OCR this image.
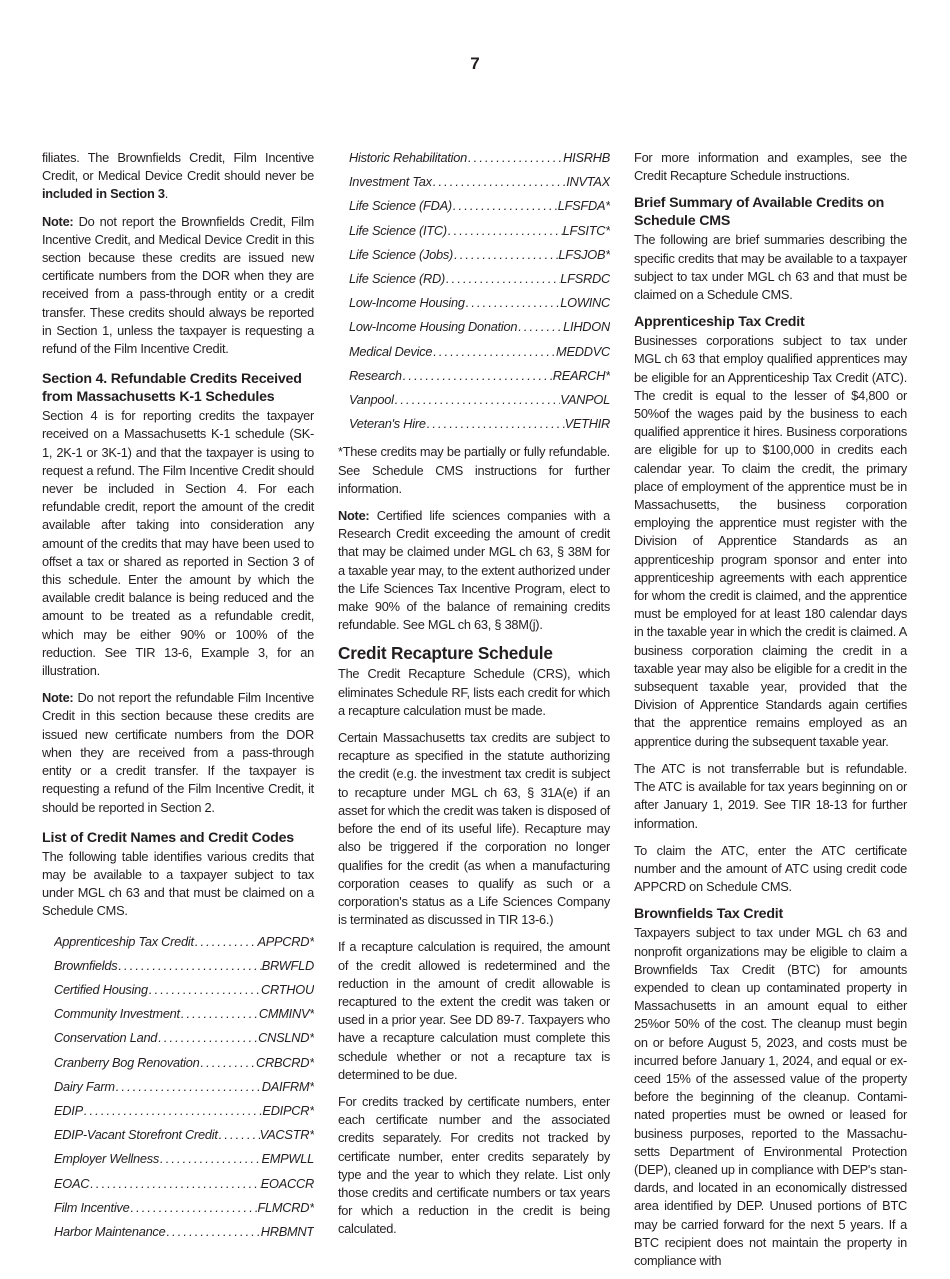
7

filiates. The Brownfields Credit, Film Incentive Credit, or Medical Device Credit should never be included in Section 3.

Note: Do not report the Brownfields Credit, Film Incentive Credit, and Medical Device Credit in this section because these credits are issued new certificate numbers from the DOR when they are received from a pass-through entity or a credit transfer. These credits should always be reported in Section 1, unless the taxpayer is requesting a refund of the Film Incentive Credit.

Section 4. Refundable Credits Received from Massachusetts K-1 Schedules

Section 4 is for reporting credits the taxpayer received on a Massachusetts K-1 schedule (SK-1, 2K-1 or 3K-1) and that the taxpayer is using to request a refund. The Film Incentive Credit should never be included in Section 4. For each refundable credit, report the amount of the credit available after taking into consideration any amount of the credits that may have been used to offset a tax or shared as reported in Section 3 of this schedule. Enter the amount by which the available credit balance is being reduced and the amount to be treated as a refundable credit, which may be either 90% or 100% of the reduction. See TIR 13-6, Example 3, for an illustration.

Note: Do not report the refundable Film Incentive Credit in this section because these credits are issued new certificate numbers from the DOR when they are received from a pass-through entity or a credit transfer. If the taxpayer is requesting a refund of the Film Incentive Credit, it should be reported in Section 2.

List of Credit Names and Credit Codes

The following table identifies various credits that may be available to a taxpayer subject to tax under MGL ch 63 and that must be claimed on a Schedule CMS.

Apprenticeship Tax Credit .....	APPCRD*
Brownfields .....	BRWFLD
Certified Housing .....	CRTHOU
Community Investment .....	CMMINV*
Conservation Land .....	CNSLND*
Cranberry Bog Renovation .....	CRBCRD*
Dairy Farm .....	DAIFRM*
EDIP .....	EDIPCR*
EDIP-Vacant Storefront Credit .....	VACSTR*
Employer Wellness .....	EMPWLL
EOAC .....	EOACCR
Film Incentive .....	FLMCRD*
Harbor Maintenance .....	HRBMNT
Historic Rehabilitation .....	HISRHB
Investment Tax .....	INVTAX
Life Science (FDA) .....	LFSFDA*
Life Science (ITC) .....	LFSITC*
Life Science (Jobs) .....	LFSJOB*
Life Science (RD) .....	LFSRDC
Low-Income Housing .....	LOWINC
Low-Income Housing Donation .....	LIHDON
Medical Device .....	MEDDVC
Research .....	REARCH*
Vanpool .....	VANPOL
Veteran's Hire .....	VETHIR

*These credits may be partially or fully refundable. See Schedule CMS instructions for further information.

Note: Certified life sciences companies with a Research Credit exceeding the amount of credit that may be claimed under MGL ch 63, § 38M for a taxable year may, to the extent authorized under the Life Sciences Tax Incentive Program, elect to make 90% of the balance of remaining credits refundable. See MGL ch 63, § 38M(j).

Credit Recapture Schedule

The Credit Recapture Schedule (CRS), which eliminates Schedule RF, lists each credit for which a recapture calculation must be made.

Certain Massachusetts tax credits are subject to recapture as specified in the statute authorizing the credit (e.g. the investment tax credit is subject to recapture under MGL ch 63, § 31A(e) if an asset for which the credit was taken is disposed of before the end of its useful life). Recapture may also be triggered if the corporation no longer qualifies for the credit (as when a manufacturing corporation ceases to qualify as such or a corporation's status as a Life Sciences Company is terminated as discussed in TIR 13-6.)

If a recapture calculation is required, the amount of the credit allowed is redetermined and the reduction in the amount of credit allowable is recaptured to the extent the credit was taken or used in a prior year. See DD 89-7. Taxpayers who have a recapture calculation must complete this schedule whether or not a recapture tax is determined to be due.

For credits tracked by certificate numbers, enter each certificate number and the associated credits separately. For credits not tracked by certificate number, enter credits separately by type and the year to which they relate. List only those credits and certificate numbers or tax years for which a reduction in the credit is being calculated.

For more information and examples, see the Credit Recapture Schedule instructions.

Brief Summary of Available Credits on Schedule CMS

The following are brief summaries describing the specific credits that may be available to a taxpayer subject to tax under MGL ch 63 and that must be claimed on a Schedule CMS.

Apprenticeship Tax Credit

Businesses corporations subject to tax under MGL ch 63 that employ qualified apprentices may be eligible for an Apprenticeship Tax Credit (ATC). The credit is equal to the lesser of $4,800 or 50%of the wages paid by the business to each qualified apprentice it hires. Business corporations are eligible for up to $100,000 in credits each calendar year. To claim the credit, the primary place of employment of the apprentice must be in Massachusetts, the business corporation employing the apprentice must register with the Division of Apprentice Standards as an apprenticeship program sponsor and enter into apprenticeship agreements with each apprentice for whom the credit is claimed, and the apprentice must be employed for at least 180 calendar days in the taxable year in which the credit is claimed. A business corporation claiming the credit in a taxable year may also be eligible for a credit in the subsequent taxable year, provided that the Division of Apprentice Standards again certifies that the apprentice remains employed as an apprentice during the subsequent taxable year.

The ATC is not transferrable but is refundable. The ATC is available for tax years beginning on or after January 1, 2019. See TIR 18-13 for further information.

To claim the ATC, enter the ATC certificate number and the amount of ATC using credit code APPCRD on Schedule CMS.

Brownfields Tax Credit

Taxpayers subject to tax under MGL ch 63 and nonprofit organizations may be eligible to claim a Brownfields Tax Credit (BTC) for amounts expended to clean up contaminated property in Massachusetts in an amount equal to either 25%or 50% of the cost. The cleanup must begin on or before August 5, 2023, and costs must be incurred before January 1, 2024, and equal or ex-ceed 15% of the assessed value of the property before the beginning of the cleanup. Contami-nated properties must be owned or leased for business purposes, reported to the Massachu-setts Department of Environmental Protection (DEP), cleaned up in compliance with DEP's stan-dards, and located in an economically distressed area identified by DEP. Unused portions of BTC may be carried forward for the next 5 years. If a BTC recipient does not maintain the property in compliance with
